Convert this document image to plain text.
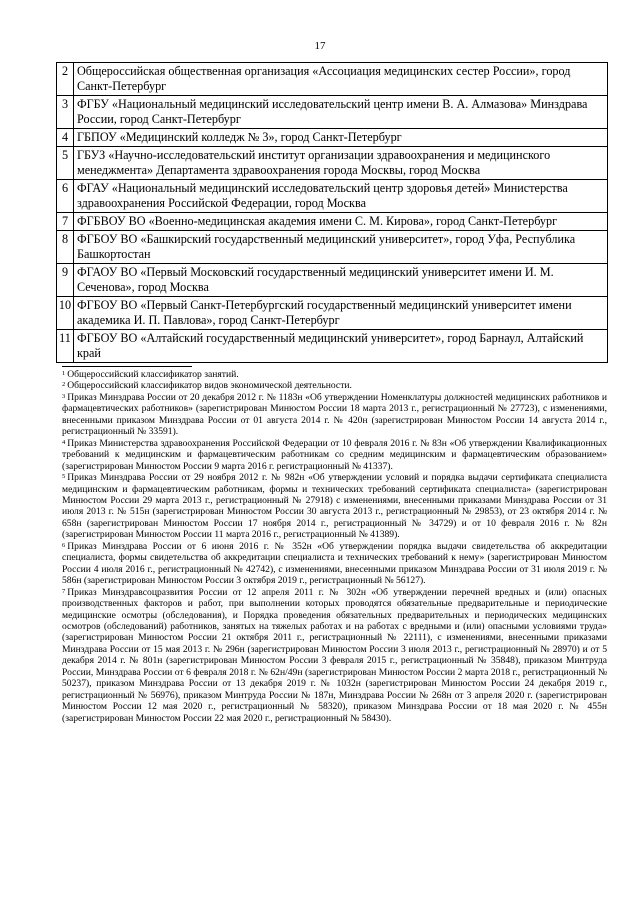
17
2	Общероссийская общественная организация «Ассоциация медицинских сестер России», город Санкт-Петербург
3	ФГБУ «Национальный медицинский исследовательский центр имени В. А. Алмазова» Минздрава России, город Санкт-Петербург
4	ГБПОУ «Медицинский колледж № 3», город Санкт-Петербург
5	ГБУЗ «Научно-исследовательский институт организации здравоохранения и медицинского менеджмента» Департамента здравоохранения города Москвы, город Москва
6	ФГАУ «Национальный медицинский исследовательский центр здоровья детей» Министерства здравоохранения Российской Федерации, город Москва
7	ФГБВОУ ВО «Военно-медицинская академия имени С. М. Кирова», город Санкт-Петербург
8	ФГБОУ ВО «Башкирский государственный медицинский университет», город Уфа, Республика Башкортостан
9	ФГАОУ ВО «Первый Московский государственный медицинский университет имени И. М. Сеченова», город Москва
10	ФГБОУ ВО «Первый Санкт-Петербургский государственный медицинский университет имени академика И. П. Павлова», город Санкт-Петербург
11	ФГБОУ ВО «Алтайский государственный медицинский университет», город Барнаул, Алтайский край

$^1$ Общероссийский классификатор занятий.

$^2$ Общероссийский классификатор видов экономической деятельности.

$^3$ Приказ Минздрава России от 20 декабря 2012 г. № 1183н «Об утверждении Номенклатуры должностей медицинских работников и фармацевтических работников» (зарегистрирован Минюстом России 18 марта 2013 г., регистрационный № 27723), с изменениями, внесенными приказом Минздрава России от 01 августа 2014 г. № 420н (зарегистрирован Минюстом России 14 августа 2014 г., регистрационный № 33591).

$^4$ Приказ Министерства здравоохранения Российской Федерации от 10 февраля 2016 г. № 83н «Об утверждении Квалификационных требований к медицинским и фармацевтическим работникам со средним медицинским и фармацевтическим образованием» (зарегистрирован Минюстом России 9 марта 2016 г. регистрационный № 41337).

$^5$ Приказ Минздрава России от 29 ноября 2012 г. № 982н «Об утверждении условий и порядка выдачи сертификата специалиста медицинским и фармацевтическим работникам, формы и технических требований сертификата специалиста» (зарегистрирован Минюстом России 29 марта 2013 г., регистрационный № 27918) с изменениями, внесенными приказами Минздрава России от 31 июля 2013 г. № 515н (зарегистрирован Минюстом России 30 августа 2013 г., регистрационный № 29853), от 23 октября 2014 г. № 658н (зарегистрирован Минюстом России 17 ноября 2014 г., регистрационный № 34729) и от 10 февраля 2016 г. № 82н (зарегистрирован Минюстом России 11 марта 2016 г., регистрационный № 41389).

$^6$ Приказ Минздрава России от 6 июня 2016 г. № 352н «Об утверждении порядка выдачи свидетельства об аккредитации специалиста, формы свидетельства об аккредитации специалиста и технических требований к нему» (зарегистрирован Минюстом России 4 июля 2016 г., регистрационный № 42742), с изменениями, внесенными приказом Минздрава России от 31 июля 2019 г. № 586н (зарегистрирован Минюстом России 3 октября 2019 г., регистрационный № 56127).

$^7$ Приказ Минздравсоцразвития России от 12 апреля 2011 г. № 302н «Об утверждении перечней вредных и (или) опасных производственных факторов и работ, при выполнении которых проводятся обязательные предварительные и периодические медицинские осмотры (обследования), и Порядка проведения обязательных предварительных и периодических медицинских осмотров (обследований) работников, занятых на тяжелых работах и на работах с вредными и (или) опасными условиями труда» (зарегистрирован Минюстом России 21 октября 2011 г., регистрационный № 22111), с изменениями, внесенными приказами Минздрава России от 15 мая 2013 г. № 296н (зарегистрирован Минюстом России 3 июля 2013 г., регистрационный № 28970) и от 5 декабря 2014 г. № 801н (зарегистрирован Минюстом России 3 февраля 2015 г., регистрационный № 35848), приказом Минтруда России, Минздрава России от 6 февраля 2018 г. № 62н/49н (зарегистрирован Минюстом России 2 марта 2018 г., регистрационный № 50237), приказом Минздрава России от 13 декабря 2019 г. № 1032н (зарегистрирован Минюстом России 24 декабря 2019 г., регистрационный № 56976), приказом Минтруда России № 187н, Минздрава России № 268н от 3 апреля 2020 г. (зарегистрирован Минюстом России 12 мая 2020 г., регистрационный № 58320), приказом Минздрава России от 18 мая 2020 г. № 455н (зарегистрирован Минюстом России 22 мая 2020 г., регистрационный № 58430).
